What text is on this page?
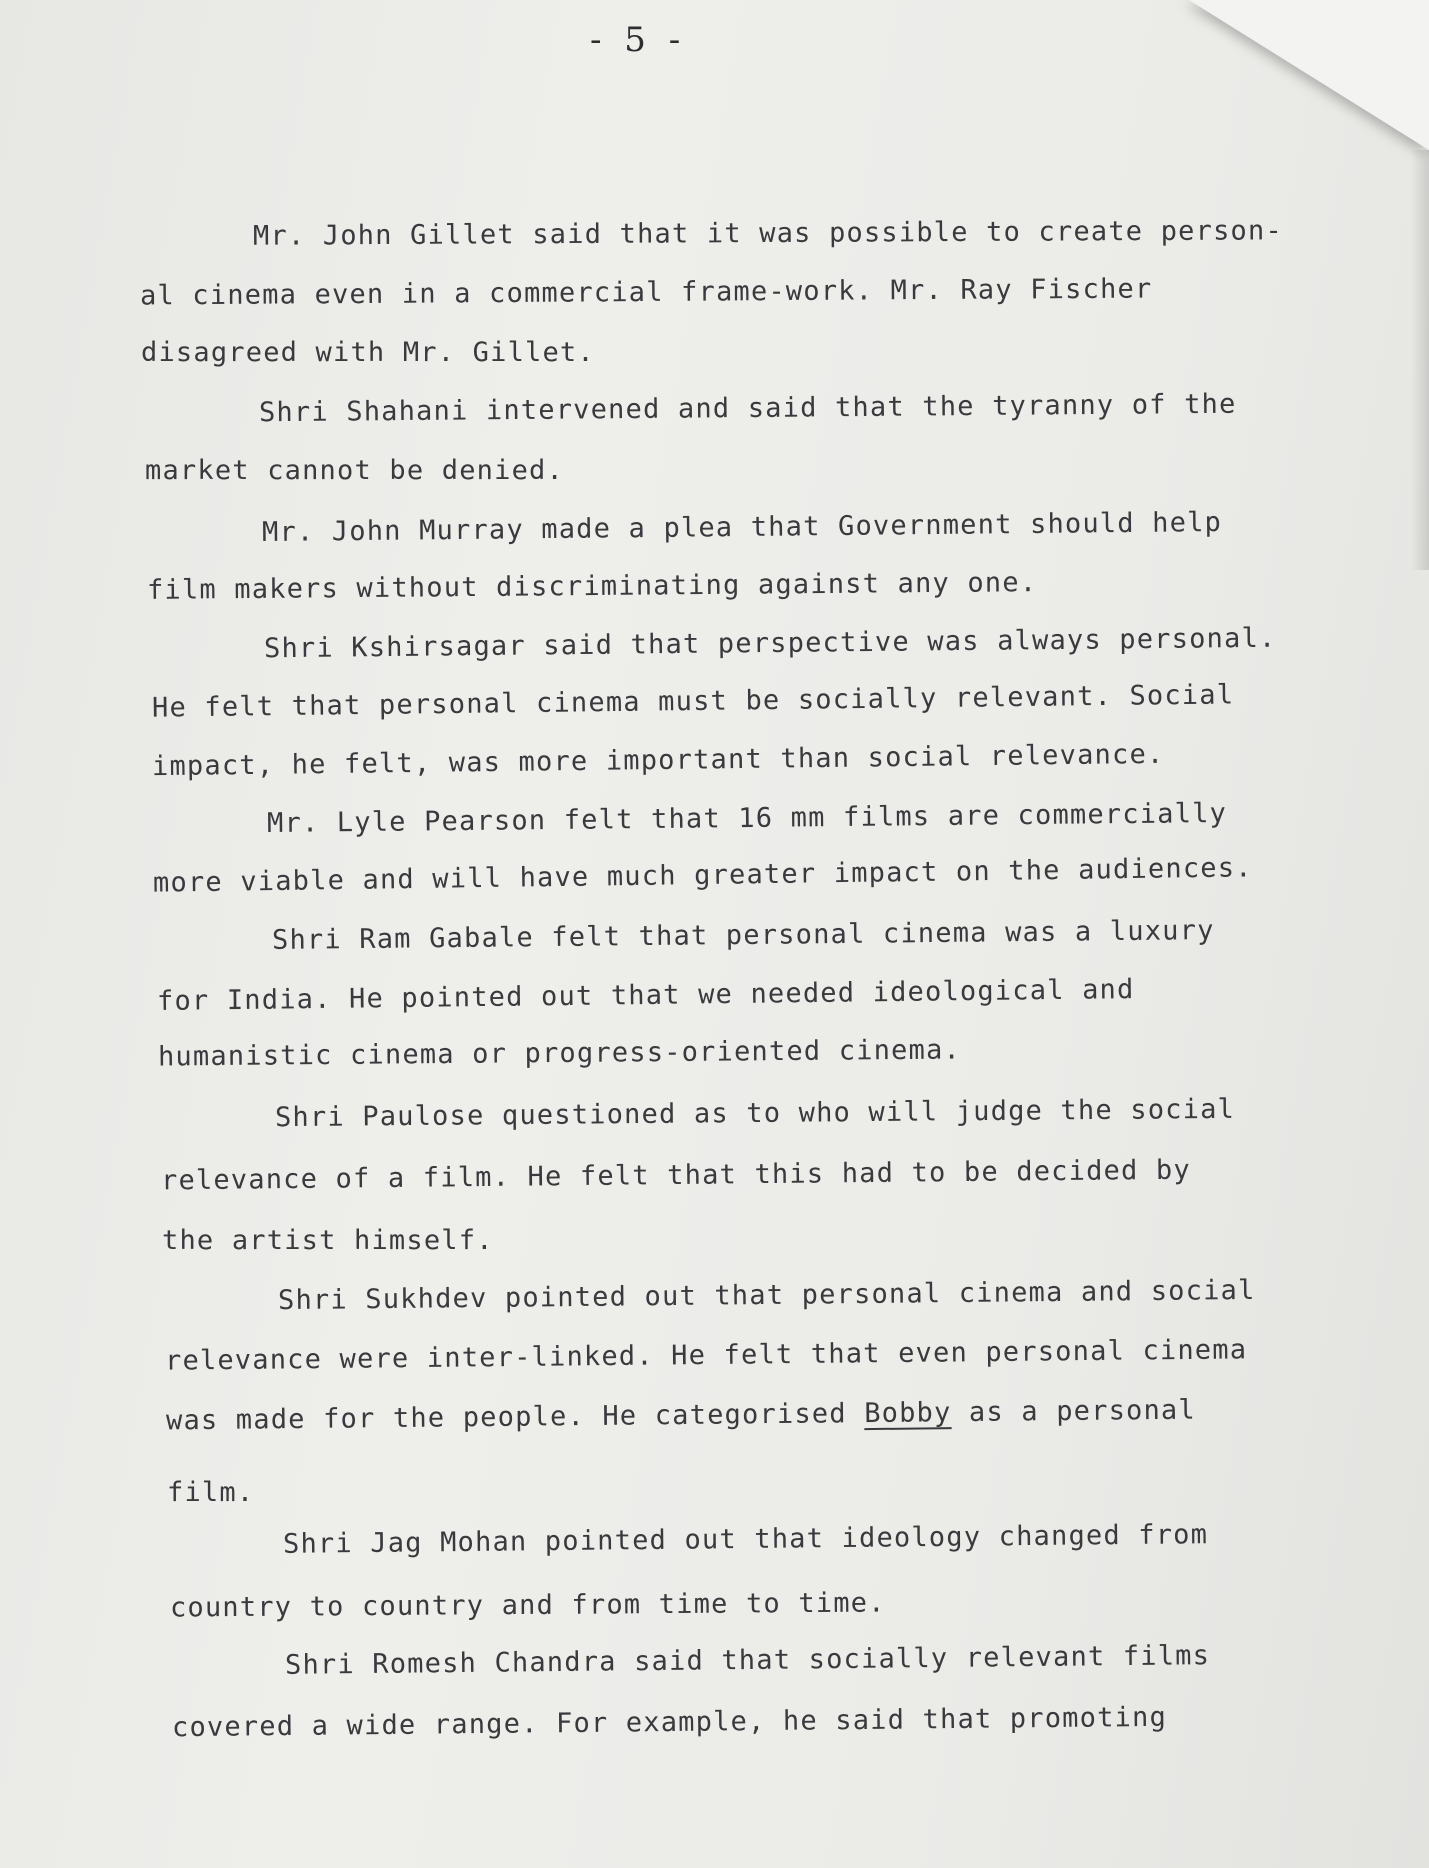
- 5 -
Mr. John Gillet said that it was possible to create person-
al cinema even in a commercial frame-work. Mr. Ray Fischer
disagreed with Mr. Gillet.
Shri Shahani intervened and said that the tyranny of the
market cannot be denied.
Mr. John Murray made a plea that Government should help
film makers without discriminating against any one.
Shri Kshirsagar said that perspective was always personal.
He felt that personal cinema must be socially relevant. Social
impact, he felt, was more important than social relevance.
Mr. Lyle Pearson felt that 16 mm films are commercially
more viable and will have much greater impact on the audiences.
Shri Ram Gabale felt that personal cinema was a luxury
for India. He pointed out that we needed ideological and
humanistic cinema or progress-oriented cinema.
Shri Paulose questioned as to who will judge the social
relevance of a film. He felt that this had to be decided by
the artist himself.
Shri Sukhdev pointed out that personal cinema and social
relevance were inter-linked. He felt that even personal cinema
was made for the people. He categorised Bobby as a personal
film.
Shri Jag Mohan pointed out that ideology changed from
country to country and from time to time.
Shri Romesh Chandra said that socially relevant films
covered a wide range. For example, he said that promoting
